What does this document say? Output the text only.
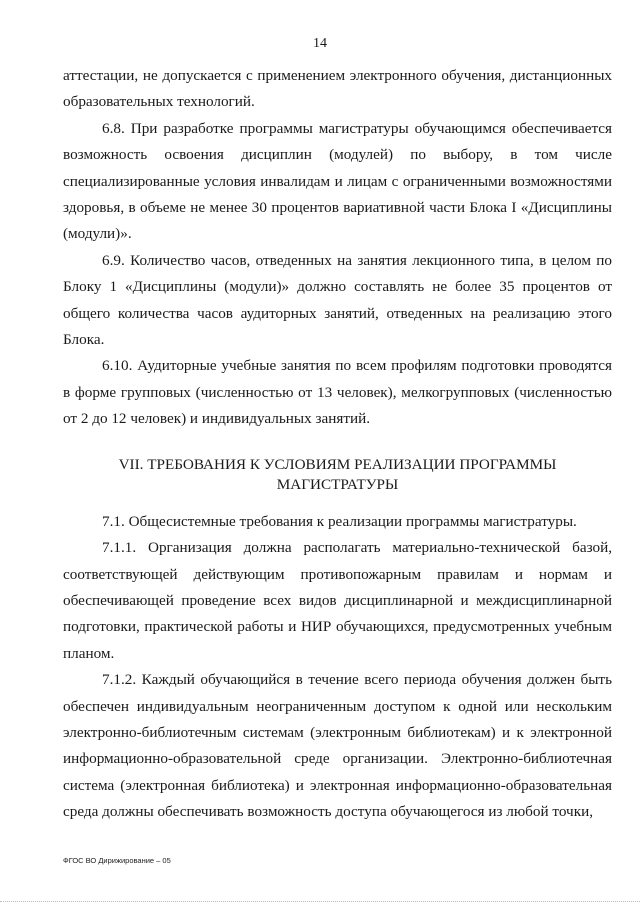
14

аттестации, не допускается с применением электронного обучения, дистанционных образовательных технологий.

6.8. При разработке программы магистратуры обучающимся обеспечивается возможность освоения дисциплин (модулей) по выбору, в том числе специализированные условия инвалидам и лицам с ограниченными возможностями здоровья, в объеме не менее 30 процентов вариативной части Блока I «Дисциплины (модули)».

6.9. Количество часов, отведенных на занятия лекционного типа, в целом по Блоку 1 «Дисциплины (модули)» должно составлять не более 35 процентов от общего количества часов аудиторных занятий, отведенных на реализацию этого Блока.

6.10. Аудиторные учебные занятия по всем профилям подготовки проводятся в форме групповых (численностью от 13 человек), мелкогрупповых (численностью от 2 до 12 человек) и индивидуальных занятий.

VII. ТРЕБОВАНИЯ К УСЛОВИЯМ РЕАЛИЗАЦИИ ПРОГРАММЫ
МАГИСТРАТУРЫ

7.1. Общесистемные требования к реализации программы магистратуры.

7.1.1. Организация должна располагать материально-технической базой, соответствующей действующим противопожарным правилам и нормам и обеспечивающей проведение всех видов дисциплинарной и междисциплинарной подготовки, практической работы и НИР обучающихся, предусмотренных учебным планом.

7.1.2. Каждый обучающийся в течение всего периода обучения должен быть обеспечен индивидуальным неограниченным доступом к одной или нескольким электронно-библиотечным системам (электронным библиотекам) и к электронной информационно-образовательной среде организации. Электронно-библиотечная система (электронная библиотека) и электронная информационно-образовательная среда должны обеспечивать возможность доступа обучающегося из любой точки,

ФГОС ВО Дирижирование – 05
